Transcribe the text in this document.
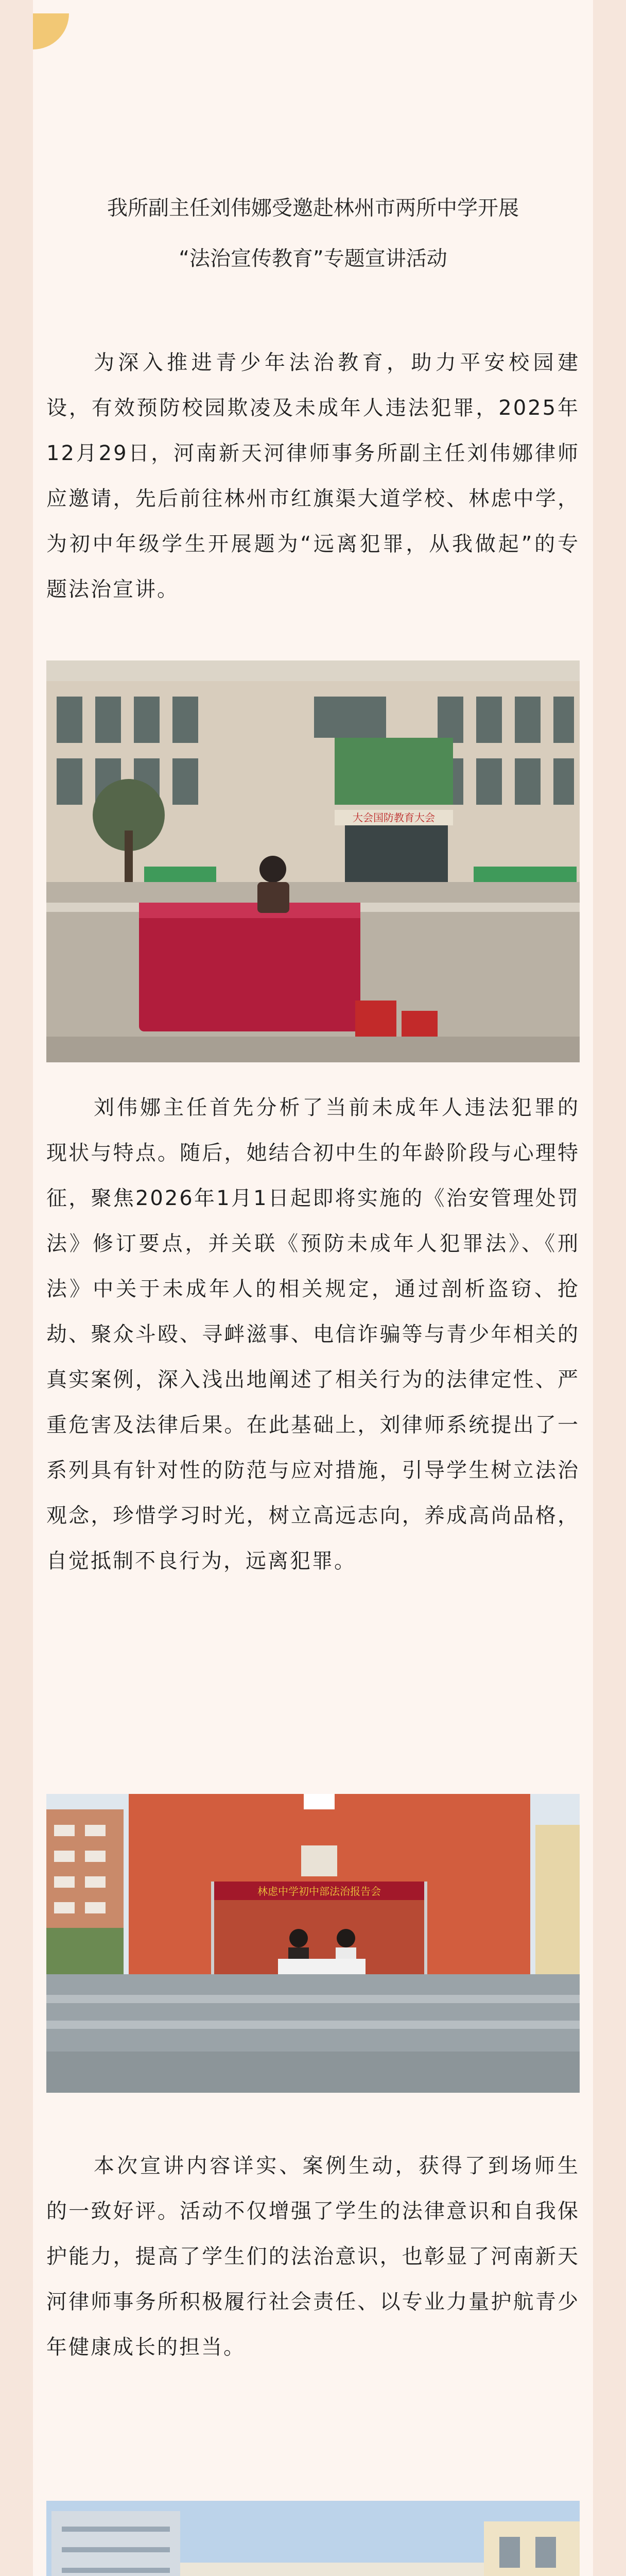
我所副主任刘伟娜受邀赴林州市两所中学开展
“法治宣传教育”专题宣讲活动

为深入推进青少年法治教育，助力平安校园建设，有效预防校园欺凌及未成年人违法犯罪，2025年12月29日，河南新天河律师事务所副主任刘伟娜律师应邀请，先后前往林州市红旗渠大道学校、林虑中学，为初中年级学生开展题为“远离犯罪，从我做起”的专题法治宣讲。

大会国防教育大会

刘伟娜主任首先分析了当前未成年人违法犯罪的现状与特点。随后，她结合初中生的年龄阶段与心理特征，聚焦2026年1月1日起即将实施的《治安管理处罚法》修订要点，并关联《预防未成年人犯罪法》、《刑法》中关于未成年人的相关规定，通过剖析盗窃、抢劫、聚众斗殴、寻衅滋事、电信诈骗等与青少年相关的真实案例，深入浅出地阐述了相关行为的法律定性、严重危害及法律后果。在此基础上，刘律师系统提出了一系列具有针对性的防范与应对措施，引导学生树立法治观念，珍惜学习时光，树立高远志向，养成高尚品格，自觉抵制不良行为，远离犯罪。

林虑中学初中部法治报告会

本次宣讲内容详实、案例生动，获得了到场师生的一致好评。活动不仅增强了学生的法律意识和自我保护能力，提高了学生们的法治意识，也彰显了河南新天河律师事务所积极履行社会责任、以专业力量护航青少年健康成长的担当。
